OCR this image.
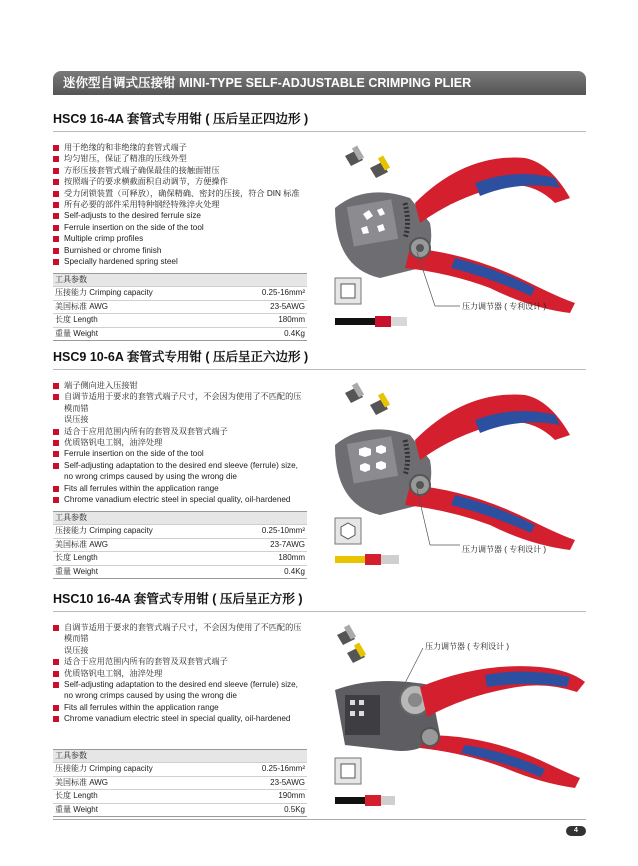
迷你型自调式压接钳 MINI-TYPE SELF-ADJUSTABLE CRIMPING PLIER
HSC9 16-4A 套管式专用钳 ( 压后呈正四边形 )
用于绝缘的和非绝缘的套管式端子
均匀钳压，保证了精准的压线外型
方形压接套管式端子确保最佳的接触面钳压
按照端子的要求横截面积自动调节，方便操作
受力闭锁装置（可释放），确保精确、密封的压接，符合 DIN 标准
所有必要的部件采用特种钢经特殊淬火处理
Self-adjusts to the desired ferrule size
Ferrule insertion on the side of the tool
Multiple crimp profiles
Burnished or chrome finish
Specially hardened spring steel
工具参数
压接能力 Crimping capacity	0.25-16mm²
美国标准 AWG	23-5AWG
长度 Length	180mm
重量 Weight	0.4Kg
FEK-01001
压力调节器 ( 专利设计 )
HSC9 10-6A 套管式专用钳 ( 压后呈正六边形 )
端子侧向进入压接钳
自调节适用于要求的套管式端子尺寸，不会因为使用了不匹配的压模而错
误压接
适合于应用范围内所有的套管及双套管式端子
优质铬钒电工钢，油淬处理
Ferrule insertion on the side of the tool
Self-adjusting adaptation to the desired end sleeve (ferrule) size,
no wrong crimps caused by using the wrong die
Fits all ferrules within the application range
Chrome vanadium electric steel in special quality, oil-hardened
工具参数
压接能力 Crimping capacity	0.25-10mm²
美国标准 AWG	23-7AWG
长度 Length	180mm
重量 Weight	0.4Kg
FEK-01002
压力调节器 ( 专利设计 )
HSC10 16-4A 套管式专用钳 ( 压后呈正方形 )
自调节适用于要求的套管式端子尺寸，不会因为使用了不匹配的压模而错
误压接
适合于应用范围内所有的套管及双套管式端子
优质铬钒电工钢，油淬处理
Self-adjusting adaptation to the desired end sleeve (ferrule) size,
no wrong crimps caused by using the wrong die
Fits all ferrules within the application range
Chrome vanadium electric steel in special quality, oil-hardened
工具参数
压接能力 Crimping capacity	0.25-16mm²
美国标准 AWG	23-5AWG
长度 Length	190mm
重量 Weight	0.5Kg
压力调节器 ( 专利设计 )
FEK-01003
4
